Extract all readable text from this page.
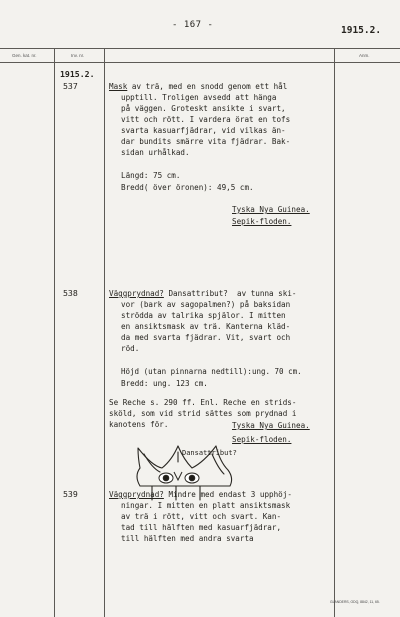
- 167 -	1915.2.
Gen. kat. nr.	Inv. nr.	Anm.
1915.2.
537	Mask av trä, med en snodd genom ett hål
upptill. Troligen avsedd att hänga
på väggen. Groteskt ansikte i svart,
vitt och rött. I vardera örat en tofs
svarta kasuarfjädrar, vid vilkas än-
dar bundits smärre vita fjädrar. Bak-
sidan urhålkad.
Längd: 75 cm.
Bredd( över öronen): 49,5 cm.
Tyska Nya Guinea.
Sepik-floden.
538	Väggprydnad? Dansattribut?  av tunna ski-
vor (bark av sagopalmen?) på baksidan
strödda av talrika spjälor. I mitten
en ansiktsmask av trä. Kanterna kläd-
da med svarta fjädrar. Vit, svart och
röd.
Höjd (utan pinnarna nedtill):ung. 70 cm.
Bredd: ung. 123 cm.
Se Reche s. 290 ff. Enl. Reche en strids-
sköld, som vid strid sättes som prydnad i
kanotens för.
Dansattribut?
Tyska Nya Guinea.
Sepik-floden.
539	Väggprydnad? Mindre med endast 3 upphöj-
ningar. I mitten en platt ansiktsmask
av trä i rött, vitt och svart. Kan-
tad till hälften med kasuarfjädrar,
till hälften med andra svarta
GLANDERS, ODQ, 8842, 11, 65.
